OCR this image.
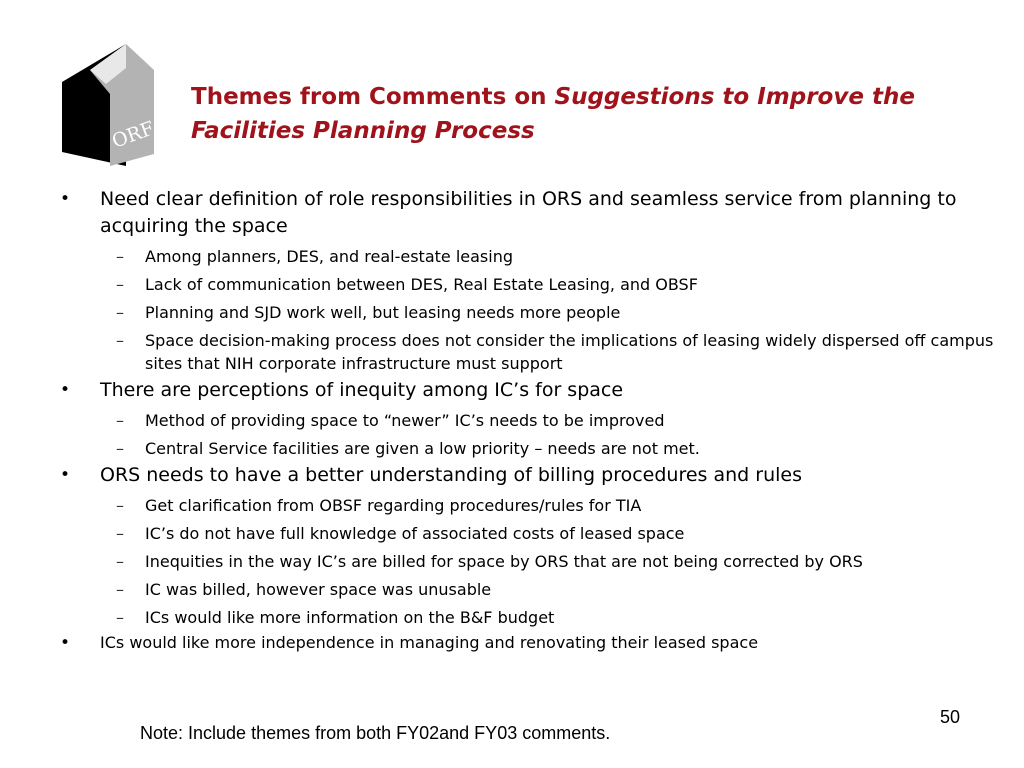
ORF
Themes from Comments on Suggestions to Improve the
Facilities Planning Process
• Need clear definition of role responsibilities in ORS and seamless service from planning to acquiring the space
– Among planners, DES, and real-estate leasing
– Lack of communication between DES, Real Estate Leasing, and OBSF
– Planning and SJD work well, but leasing needs more people
– Space decision-making process does not consider the implications of leasing widely dispersed off campus sites that NIH corporate infrastructure must support
• There are perceptions of inequity among IC’s for space
– Method of providing space to “newer” IC’s needs to be improved
– Central Service facilities are given a low priority – needs are not met.
• ORS needs to have a better understanding of billing procedures and rules
– Get clarification from OBSF regarding procedures/rules for TIA
– IC’s do not have full knowledge of associated costs of leased space
– Inequities in the way IC’s are billed for space by ORS that are not being corrected by ORS
– IC was billed, however space was unusable
– ICs would like more information on the B&F budget
• ICs would like more independence in managing and renovating their leased space
Note: Include themes from both FY02and FY03 comments.
50
